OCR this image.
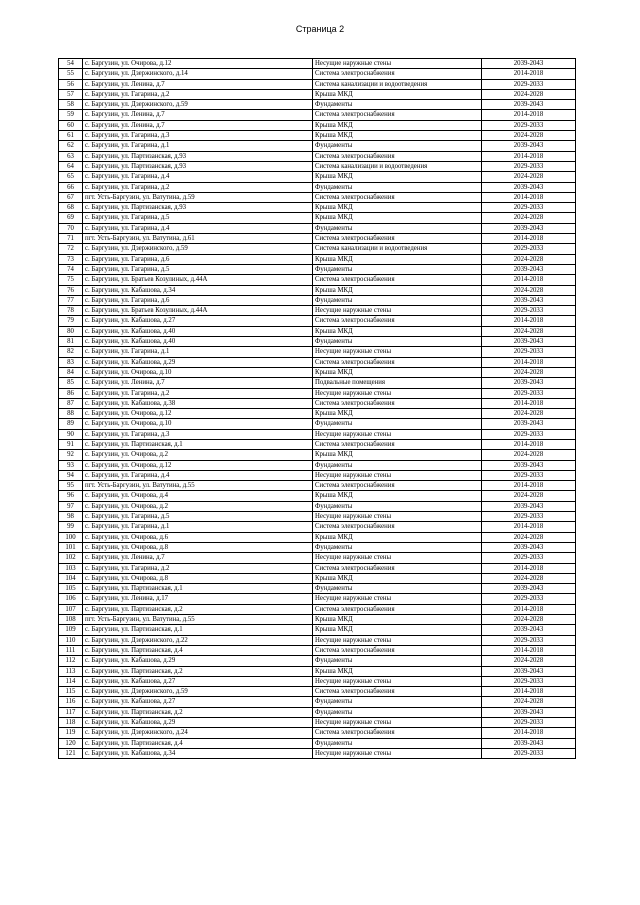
Страница 2
54	с. Баргузин, ул. Очирова, д.12	Несущие наружные стены	2039-2043
55	с. Баргузин, ул. Дзержинского, д.14	Система электроснабжения	2014-2018
56	с. Баргузин, ул. Ленина, д.7	Система канализации и водоотведения	2029-2033
57	с. Баргузин, ул. Гагарина, д.2	Крыша МКД	2024-2028
58	с. Баргузин, ул. Дзержинского, д.59	Фундаменты	2039-2043
59	с. Баргузин, ул. Ленина, д.7	Система электроснабжения	2014-2018
60	с. Баргузин, ул. Ленина, д.7	Крыша МКД	2029-2033
61	с. Баргузин, ул. Гагарина, д.3	Крыша МКД	2024-2028
62	с. Баргузин, ул. Гагарина, д.1	Фундаменты	2039-2043
63	с. Баргузин, ул. Партизанская, д.93	Система электроснабжения	2014-2018
64	с. Баргузин, ул. Партизанская, д.93	Система канализации и водоотведения	2029-2033
65	с. Баргузин, ул. Гагарина, д.4	Крыша МКД	2024-2028
66	с. Баргузин, ул. Гагарина, д.2	Фундаменты	2039-2043
67	пгт. Усть-Баргузин, ул. Ватутина, д.59	Система электроснабжения	2014-2018
68	с. Баргузин, ул. Партизанская, д.93	Крыша МКД	2029-2033
69	с. Баргузин, ул. Гагарина, д.5	Крыша МКД	2024-2028
70	с. Баргузин, ул. Гагарина, д.4	Фундаменты	2039-2043
71	пгт. Усть-Баргузин, ул. Ватутина, д.61	Система электроснабжения	2014-2018
72	с. Баргузин, ул. Дзержинского, д.59	Система канализации и водоотведения	2029-2033
73	с. Баргузин, ул. Гагарина, д.6	Крыша МКД	2024-2028
74	с. Баргузин, ул. Гагарина, д.5	Фундаменты	2039-2043
75	с. Баргузин, ул. Братьев Козулиных, д.44А	Система электроснабжения	2014-2018
76	с. Баргузин, ул. Кабашова, д.34	Крыша МКД	2024-2028
77	с. Баргузин, ул. Гагарина, д.6	Фундаменты	2039-2043
78	с. Баргузин, ул. Братьев Козулиных, д.44А	Несущие наружные стены	2029-2033
79	с. Баргузин, ул. Кабашова, д.27	Система электроснабжения	2014-2018
80	с. Баргузин, ул. Кабашова, д.40	Крыша МКД	2024-2028
81	с. Баргузин, ул. Кабашова, д.40	Фундаменты	2039-2043
82	с. Баргузин, ул. Гагарина, д.1	Несущие наружные стены	2029-2033
83	с. Баргузин, ул. Кабашова, д.29	Система электроснабжения	2014-2018
84	с. Баргузин, ул. Очирова, д.10	Крыша МКД	2024-2028
85	с. Баргузин, ул. Ленина, д.7	Подвальные помещения	2039-2043
86	с. Баргузин, ул. Гагарина, д.2	Несущие наружные стены	2029-2033
87	с. Баргузин, ул. Кабашова, д.38	Система электроснабжения	2014-2018
88	с. Баргузин, ул. Очирова, д.12	Крыша МКД	2024-2028
89	с. Баргузин, ул. Очирова, д.10	Фундаменты	2039-2043
90	с. Баргузин, ул. Гагарина, д.3	Несущие наружные стены	2029-2033
91	с. Баргузин, ул. Партизанская, д.1	Система электроснабжения	2014-2018
92	с. Баргузин, ул. Очирова, д.2	Крыша МКД	2024-2028
93	с. Баргузин, ул. Очирова, д.12	Фундаменты	2039-2043
94	с. Баргузин, ул. Гагарина, д.4	Несущие наружные стены	2029-2033
95	пгт. Усть-Баргузин, ул. Ватутина, д.55	Система электроснабжения	2014-2018
96	с. Баргузин, ул. Очирова, д.4	Крыша МКД	2024-2028
97	с. Баргузин, ул. Очирова, д.2	Фундаменты	2039-2043
98	с. Баргузин, ул. Гагарина, д.5	Несущие наружные стены	2029-2033
99	с. Баргузин, ул. Гагарина, д.1	Система электроснабжения	2014-2018
100	с. Баргузин, ул. Очирова, д.6	Крыша МКД	2024-2028
101	с. Баргузин, ул. Очирова, д.8	Фундаменты	2039-2043
102	с. Баргузин, ул. Ленина, д.7	Несущие наружные стены	2029-2033
103	с. Баргузин, ул. Гагарина, д.2	Система электроснабжения	2014-2018
104	с. Баргузин, ул. Очирова, д.8	Крыша МКД	2024-2028
105	с. Баргузин, ул. Партизанская, д.1	Фундаменты	2039-2043
106	с. Баргузин, ул. Ленина, д.17	Несущие наружные стены	2029-2033
107	с. Баргузин, ул. Партизанская, д.2	Система электроснабжения	2014-2018
108	пгт. Усть-Баргузин, ул. Ватутина, д.55	Крыша МКД	2024-2028
109	с. Баргузин, ул. Партизанская, д.1	Крыша МКД	2039-2043
110	с. Баргузин, ул. Дзержинского, д.22	Несущие наружные стены	2029-2033
111	с. Баргузин, ул. Партизанская, д.4	Система электроснабжения	2014-2018
112	с. Баргузин, ул. Кабашова, д.29	Фундаменты	2024-2028
113	с. Баргузин, ул. Партизанская, д.2	Крыша МКД	2039-2043
114	с. Баргузин, ул. Кабашова, д.27	Несущие наружные стены	2029-2033
115	с. Баргузин, ул. Дзержинского, д.59	Система электроснабжения	2014-2018
116	с. Баргузин, ул. Кабашова, д.27	Фундаменты	2024-2028
117	с. Баргузин, ул. Партизанская, д.2	Фундаменты	2039-2043
118	с. Баргузин, ул. Кабашова, д.29	Несущие наружные стены	2029-2033
119	с. Баргузин, ул. Дзержинского, д.24	Система электроснабжения	2014-2018
120	с. Баргузин, ул. Партизанская, д.4	Фундаменты	2039-2043
121	с. Баргузин, ул. Кабашова, д.34	Несущие наружные стены	2029-2033
